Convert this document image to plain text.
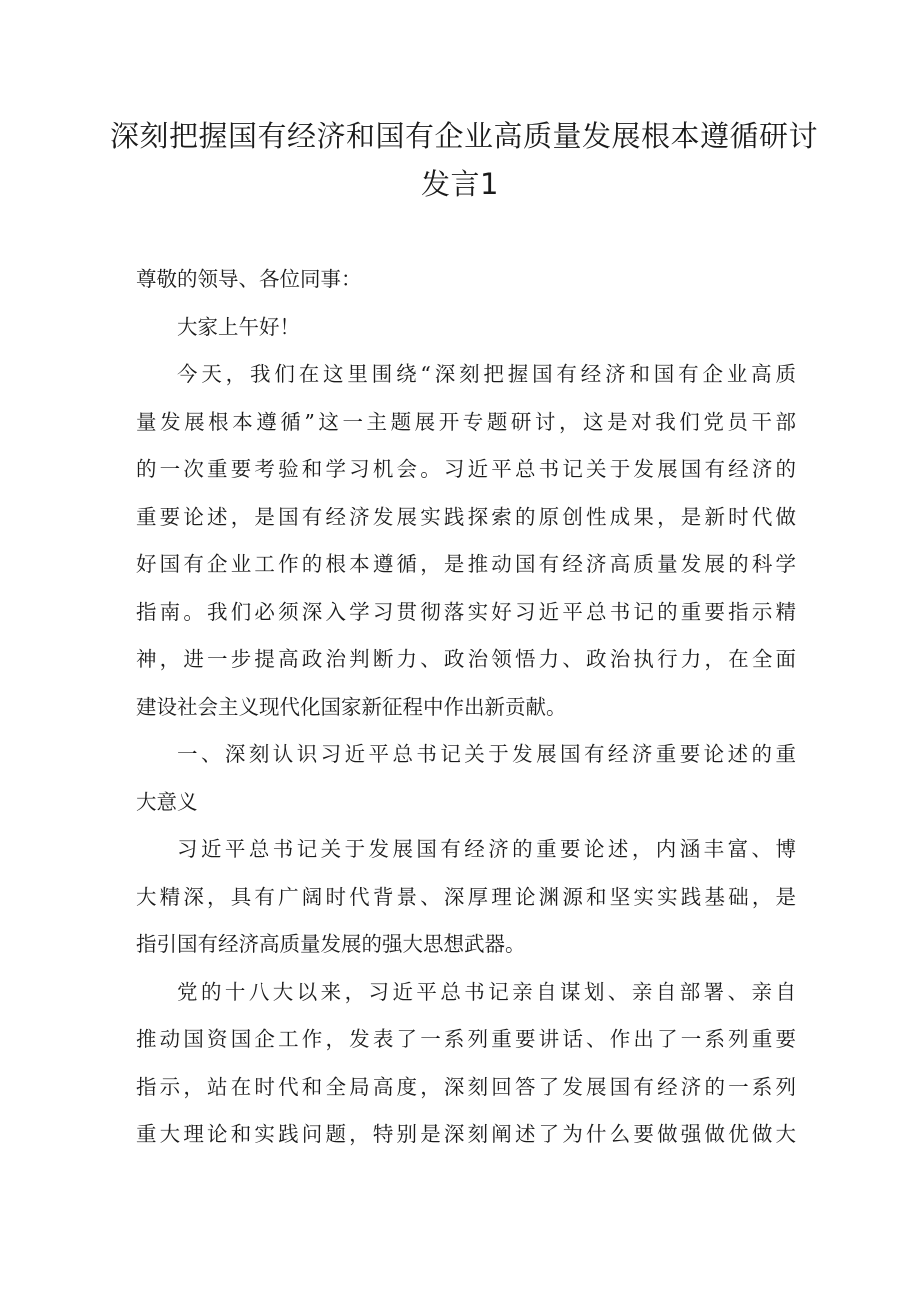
深刻把握国有经济和国有企业高质量发展根本遵循研讨
发言1

尊敬的领导、各位同事：

大家上午好！

今天，我们在这里围绕“深刻把握国有经济和国有企业高质
量发展根本遵循”这一主题展开专题研讨，这是对我们党员干部
的一次重要考验和学习机会。习近平总书记关于发展国有经济的
重要论述，是国有经济发展实践探索的原创性成果，是新时代做
好国有企业工作的根本遵循，是推动国有经济高质量发展的科学
指南。我们必须深入学习贯彻落实好习近平总书记的重要指示精
神，进一步提高政治判断力、政治领悟力、政治执行力，在全面
建设社会主义现代化国家新征程中作出新贡献。

一、深刻认识习近平总书记关于发展国有经济重要论述的重
大意义

习近平总书记关于发展国有经济的重要论述，内涵丰富、博
大精深，具有广阔时代背景、深厚理论渊源和坚实实践基础，是
指引国有经济高质量发展的强大思想武器。

党的十八大以来，习近平总书记亲自谋划、亲自部署、亲自
推动国资国企工作，发表了一系列重要讲话、作出了一系列重要
指示，站在时代和全局高度，深刻回答了发展国有经济的一系列
重大理论和实践问题，特别是深刻阐述了为什么要做强做优做大
